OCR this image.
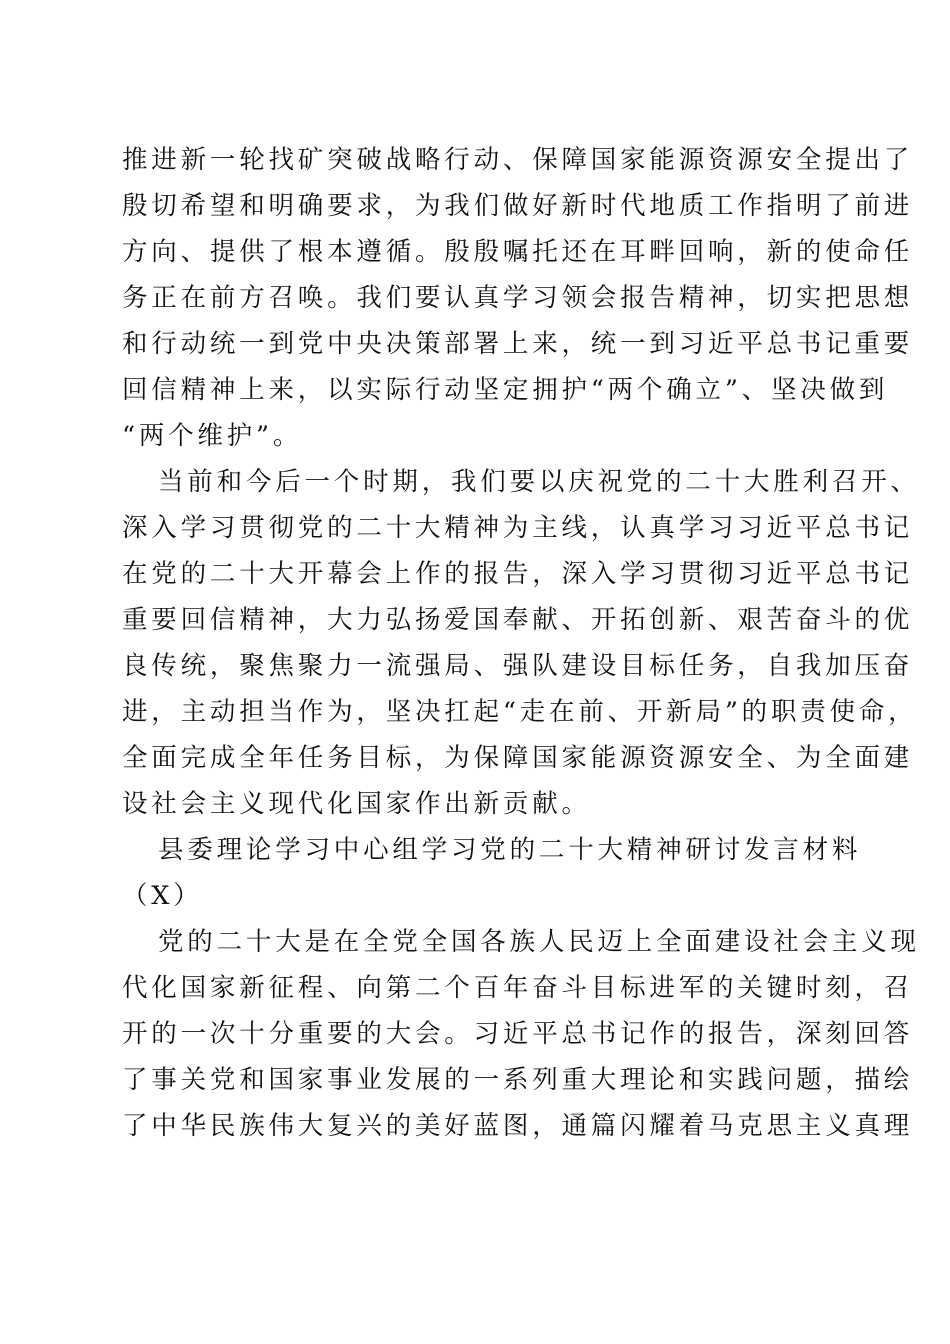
推进新一轮找矿突破战略行动、保障国家能源资源安全提出了
殷切希望和明确要求，为我们做好新时代地质工作指明了前进
方向、提供了根本遵循。殷殷嘱托还在耳畔回响，新的使命任
务正在前方召唤。我们要认真学习领会报告精神，切实把思想
和行动统一到党中央决策部署上来，统一到习近平总书记重要
回信精神上来，以实际行动坚定拥护“两个确立”、坚决做到
“两个维护”。
当前和今后一个时期，我们要以庆祝党的二十大胜利召开、
深入学习贯彻党的二十大精神为主线，认真学习习近平总书记
在党的二十大开幕会上作的报告，深入学习贯彻习近平总书记
重要回信精神，大力弘扬爱国奉献、开拓创新、艰苦奋斗的优
良传统，聚焦聚力一流强局、强队建设目标任务，自我加压奋
进，主动担当作为，坚决扛起“走在前、开新局”的职责使命，
全面完成全年任务目标，为保障国家能源资源安全、为全面建
设社会主义现代化国家作出新贡献。
县委理论学习中心组学习党的二十大精神研讨发言材料
（X）
党的二十大是在全党全国各族人民迈上全面建设社会主义现
代化国家新征程、向第二个百年奋斗目标进军的关键时刻，召
开的一次十分重要的大会。习近平总书记作的报告，深刻回答
了事关党和国家事业发展的一系列重大理论和实践问题，描绘
了中华民族伟大复兴的美好蓝图，通篇闪耀着马克思主义真理
